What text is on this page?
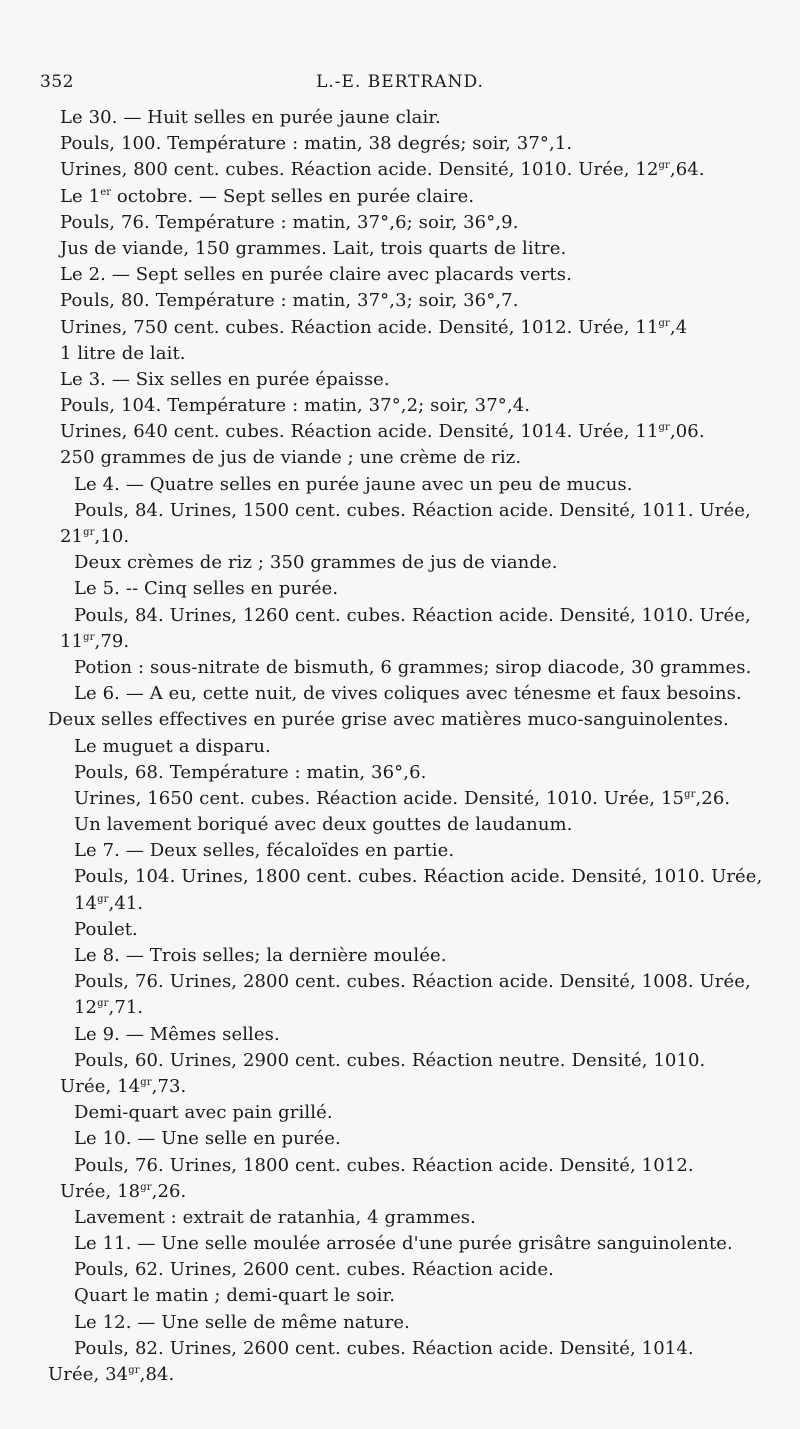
352	L.-E. BERTRAND.
Le 30. — Huit selles en purée jaune clair.
Pouls, 100. Température : matin, 38 degrés; soir, 37°,1.
Urines, 800 cent. cubes. Réaction acide. Densité, 1010. Urée, $12^{gr},64$.
Le 1er octobre. — Sept selles en purée claire.
Pouls, 76. Température : matin, 37°,6; soir, 36°,9.
Jus de viande, 150 grammes. Lait, trois quarts de litre.
Le 2. — Sept selles en purée claire avec placards verts.
Pouls, 80. Température : matin, 37°,3; soir, 36°,7.
Urines, 750 cent. cubes. Réaction acide. Densité, 1012. Urée, $11^{gr},4$
1 litre de lait.
Le 3. — Six selles en purée épaisse.
Pouls, 104. Température : matin, 37°,2; soir, 37°,4.
Urines, 640 cent. cubes. Réaction acide. Densité, 1014. Urée, $11^{gr},06$.
250 grammes de jus de viande ; une crème de riz.
Le 4. — Quatre selles en purée jaune avec un peu de mucus.
Pouls, 84. Urines, 1500 cent. cubes. Réaction acide. Densité, 1011. Urée,
$21^{gr},10$.
Deux crèmes de riz ; 350 grammes de jus de viande.
Le 5. -- Cinq selles en purée.
Pouls, 84. Urines, 1260 cent. cubes. Réaction acide. Densité, 1010. Urée,
$11^{gr},79$.
Potion : sous-nitrate de bismuth, 6 grammes; sirop diacode, 30 grammes.
Le 6. — A eu, cette nuit, de vives coliques avec ténesme et faux besoins.
Deux selles effectives en purée grise avec matières muco-sanguinolentes.
Le muguet a disparu.
Pouls, 68. Température : matin, 36°,6.
Urines, 1650 cent. cubes. Réaction acide. Densité, 1010. Urée, $15^{gr},26$.
Un lavement boriqué avec deux gouttes de laudanum.
Le 7. — Deux selles, fécaloïdes en partie.
Pouls, 104. Urines, 1800 cent. cubes. Réaction acide. Densité, 1010. Urée,
$14^{gr},41$.
Poulet.
Le 8. — Trois selles; la dernière moulée.
Pouls, 76. Urines, 2800 cent. cubes. Réaction acide. Densité, 1008. Urée,
$12^{gr},71$.
Le 9. — Mêmes selles.
Pouls, 60. Urines, 2900 cent. cubes. Réaction neutre. Densité, 1010.
Urée, $14^{gr},73$.
Demi-quart avec pain grillé.
Le 10. — Une selle en purée.
Pouls, 76. Urines, 1800 cent. cubes. Réaction acide. Densité, 1012.
Urée, $18^{gr},26$.
Lavement : extrait de ratanhia, 4 grammes.
Le 11. — Une selle moulée arrosée d'une purée grisâtre sanguinolente.
Pouls, 62. Urines, 2600 cent. cubes. Réaction acide.
Quart le matin ; demi-quart le soir.
Le 12. — Une selle de même nature.
Pouls, 82. Urines, 2600 cent. cubes. Réaction acide. Densité, 1014.
Urée, $34^{gr},84$.
